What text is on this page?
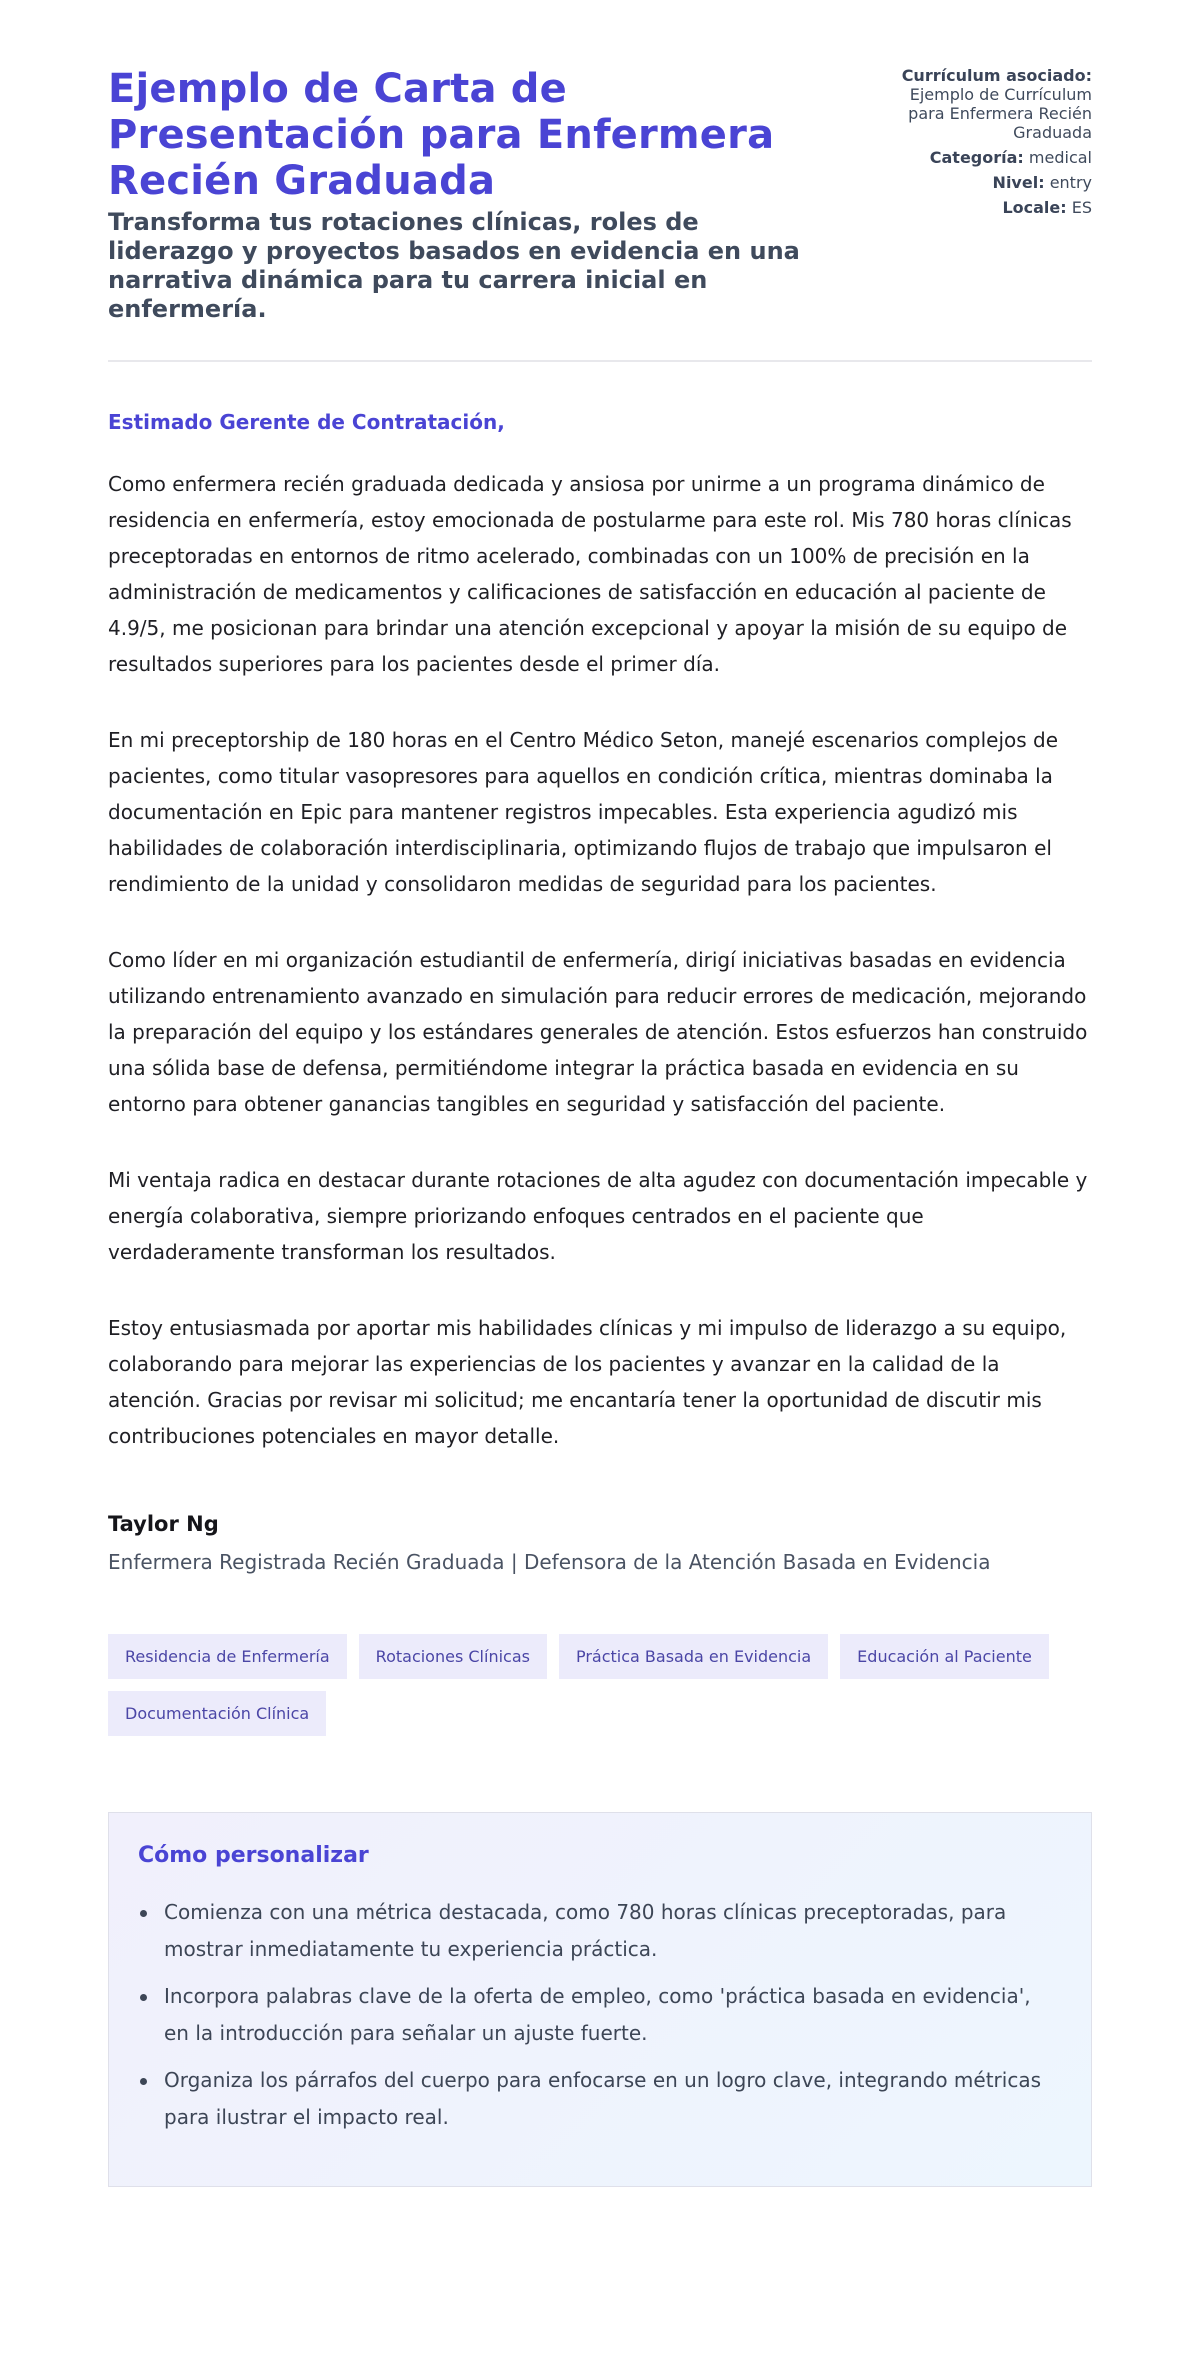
Ejemplo de Carta de Presentación para Enfermera Recién Graduada
Transforma tus rotaciones clínicas, roles de liderazgo y proyectos basados en evidencia en una narrativa dinámica para tu carrera inicial en enfermería.
Currículum asociado:
Ejemplo de Currículum para Enfermera Recién Graduada
Categoría: medical
Nivel: entry
Locale: ES

Estimado Gerente de Contratación,

Como enfermera recién graduada dedicada y ansiosa por unirme a un programa dinámico de residencia en enfermería, estoy emocionada de postularme para este rol. Mis 780 horas clínicas preceptoradas en entornos de ritmo acelerado, combinadas con un 100% de precisión en la administración de medicamentos y calificaciones de satisfacción en educación al paciente de 4.9/5, me posicionan para brindar una atención excepcional y apoyar la misión de su equipo de resultados superiores para los pacientes desde el primer día.

En mi preceptorship de 180 horas en el Centro Médico Seton, manejé escenarios complejos de pacientes, como titular vasopresores para aquellos en condición crítica, mientras dominaba la documentación en Epic para mantener registros impecables. Esta experiencia agudizó mis habilidades de colaboración interdisciplinaria, optimizando flujos de trabajo que impulsaron el rendimiento de la unidad y consolidaron medidas de seguridad para los pacientes.

Como líder en mi organización estudiantil de enfermería, dirigí iniciativas basadas en evidencia utilizando entrenamiento avanzado en simulación para reducir errores de medicación, mejorando la preparación del equipo y los estándares generales de atención. Estos esfuerzos han construido una sólida base de defensa, permitiéndome integrar la práctica basada en evidencia en su entorno para obtener ganancias tangibles en seguridad y satisfacción del paciente.

Mi ventaja radica en destacar durante rotaciones de alta agudez con documentación impecable y energía colaborativa, siempre priorizando enfoques centrados en el paciente que verdaderamente transforman los resultados.

Estoy entusiasmada por aportar mis habilidades clínicas y mi impulso de liderazgo a su equipo, colaborando para mejorar las experiencias de los pacientes y avanzar en la calidad de la atención. Gracias por revisar mi solicitud; me encantaría tener la oportunidad de discutir mis contribuciones potenciales en mayor detalle.

Taylor Ng
Enfermera Registrada Recién Graduada | Defensora de la Atención Basada en Evidencia
Residencia de Enfermería	Rotaciones Clínicas	Práctica Basada en Evidencia	Educación al Paciente
Documentación Clínica
Cómo personalizar
Comienza con una métrica destacada, como 780 horas clínicas preceptoradas, para mostrar inmediatamente tu experiencia práctica.
Incorpora palabras clave de la oferta de empleo, como 'práctica basada en evidencia', en la introducción para señalar un ajuste fuerte.
Organiza los párrafos del cuerpo para enfocarse en un logro clave, integrando métricas para ilustrar el impacto real.
